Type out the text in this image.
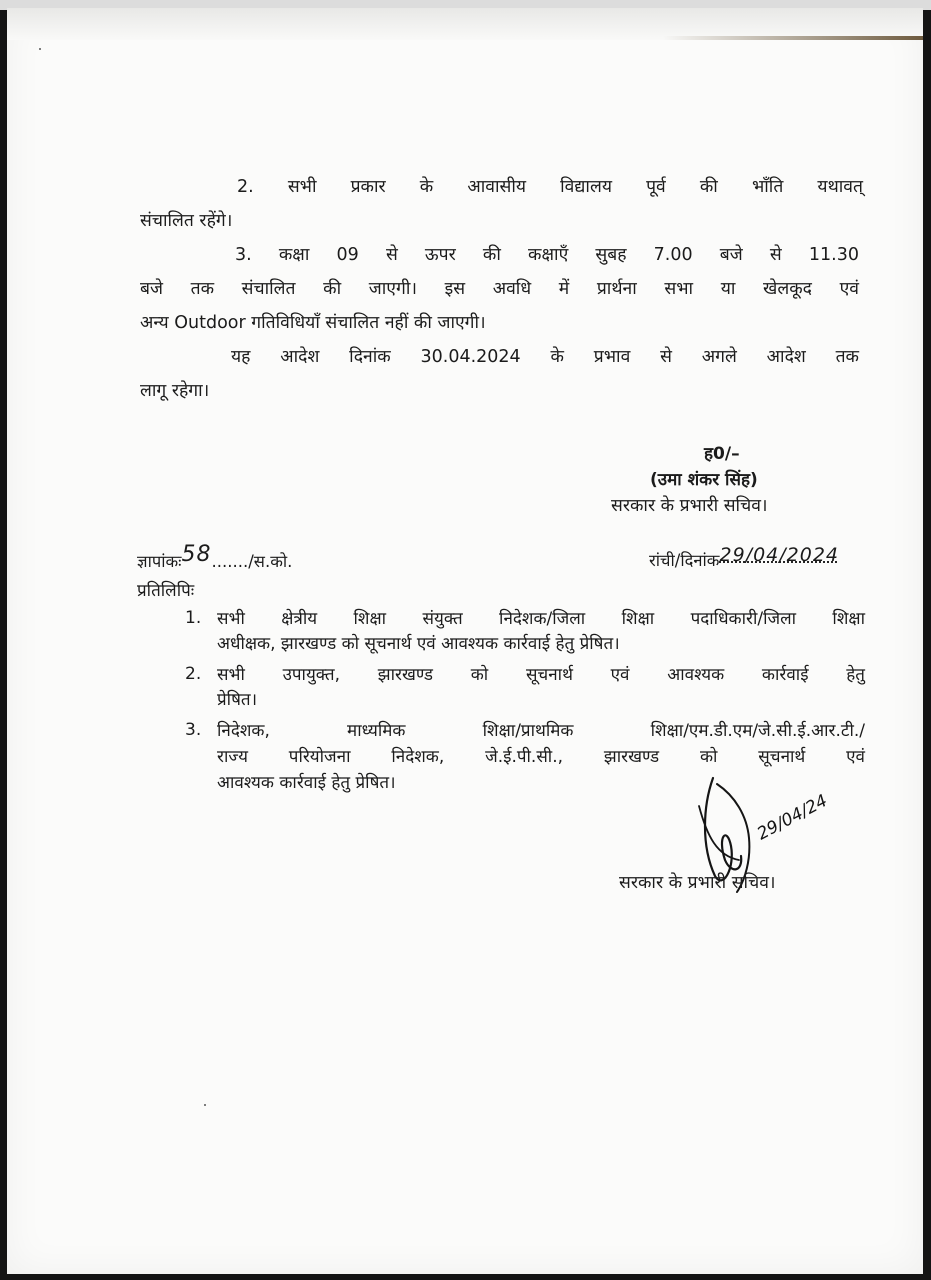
2. सभी प्रकार के आवासीय विद्यालय पूर्व की भाँति यथावत्
संचालित रहेंगे।
3. कक्षा 09 से ऊपर की कक्षाएँ सुबह 7.00 बजे से 11.30
बजे तक संचालित की जाएगी। इस अवधि में प्रार्थना सभा या खेलकूद एवं
अन्य Outdoor गतिविधियाँ संचालित नहीं की जाएगी।
यह आदेश दिनांक 30.04.2024 के प्रभाव से अगले आदेश तक
लागू रहेगा।
ह0/–
(उमा शंकर सिंह)
सरकार के प्रभारी सचिव।
ज्ञापांकः58......./स.को.	रांची/दिनांक29/04/2024
प्रतिलिपिः
1. सभी क्षेत्रीय शिक्षा संयुक्त निदेशक/जिला शिक्षा पदाधिकारी/जिला शिक्षा
अधीक्षक, झारखण्ड को सूचनार्थ एवं आवश्यक कार्रवाई हेतु प्रेषित।
2. सभी उपायुक्त, झारखण्ड को सूचनार्थ एवं आवश्यक कार्रवाई हेतु
प्रेषित।
3. निदेशक, माध्यमिक शिक्षा/प्राथमिक शिक्षा/एम.डी.एम/जे.सी.ई.आर.टी./
राज्य परियोजना निदेशक, जे.ई.पी.सी., झारखण्ड को सूचनार्थ एवं
आवश्यक कार्रवाई हेतु प्रेषित।
29/04/24
सरकार के प्रभारी सचिव।
